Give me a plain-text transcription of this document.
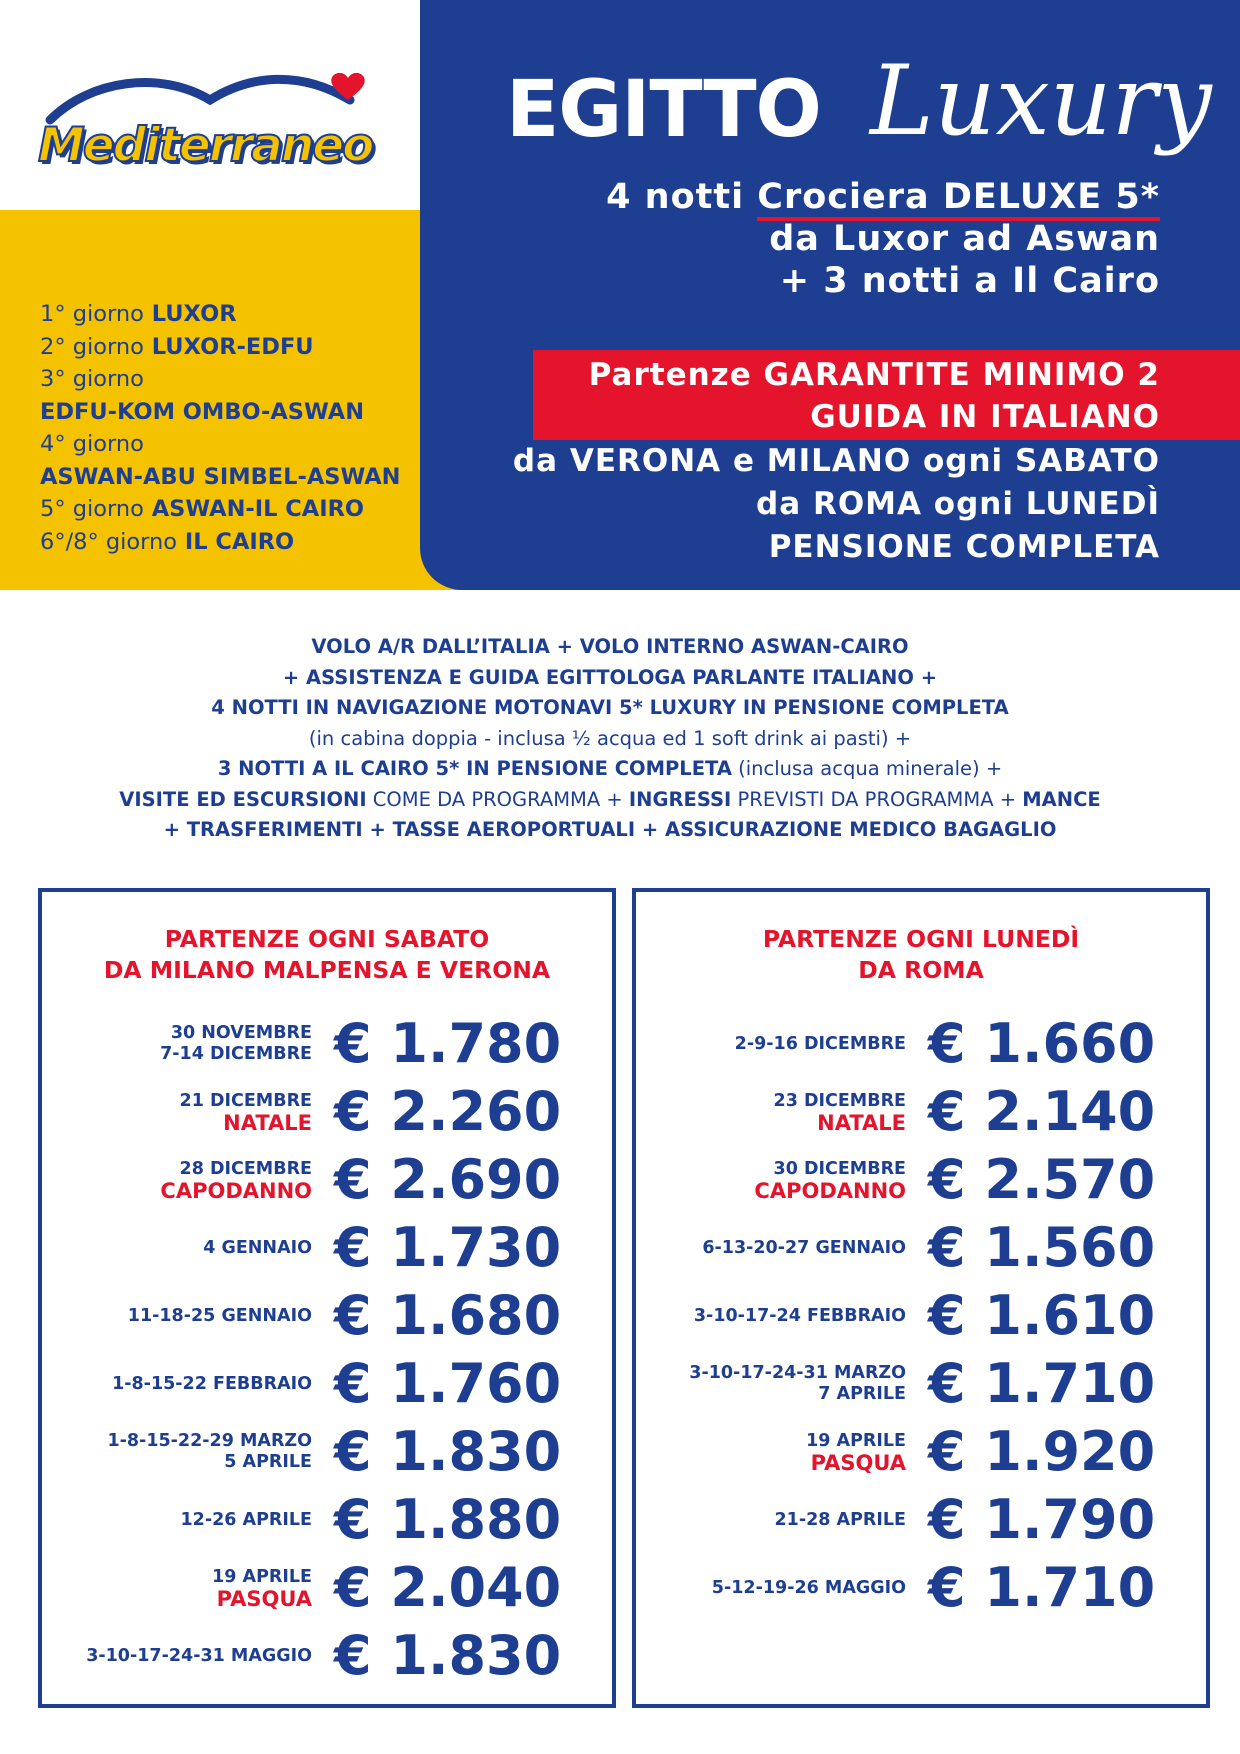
Mediterraneo
1° giorno LUXOR
2° giorno LUXOR-EDFU
3° giorno
EDFU-KOM OMBO-ASWAN
4° giorno
ASWAN-ABU SIMBEL-ASWAN
5° giorno ASWAN-IL CAIRO
6°/8° giorno IL CAIRO
EGITTO Luxury
4 notti Crociera DELUXE 5*
da Luxor ad Aswan
+ 3 notti a Il Cairo
Partenze GARANTITE MINIMO 2
GUIDA IN ITALIANO
da VERONA e MILANO ogni SABATO
da ROMA ogni LUNEDÌ
PENSIONE COMPLETA
VOLO A/R DALL’ITALIA + VOLO INTERNO ASWAN-CAIRO
+ ASSISTENZA E GUIDA EGITTOLOGA PARLANTE ITALIANO +
4 NOTTI IN NAVIGAZIONE MOTONAVI 5* LUXURY IN PENSIONE COMPLETA
(in cabina doppia - inclusa ½ acqua ed 1 soft drink ai pasti) +
3 NOTTI A IL CAIRO 5* IN PENSIONE COMPLETA (inclusa acqua minerale) +
VISITE ED ESCURSIONI COME DA PROGRAMMA + INGRESSI PREVISTI DA PROGRAMMA + MANCE
+ TRASFERIMENTI + TASSE AEROPORTUALI + ASSICURAZIONE MEDICO BAGAGLIO
PARTENZE OGNI SABATO
DA MILANO MALPENSA E VERONA
30 NOVEMBRE
7-14 DICEMBRE € 1.780
21 DICEMBRE
NATALE € 2.260
28 DICEMBRE
CAPODANNO € 2.690
4 GENNAIO € 1.730
11-18-25 GENNAIO € 1.680
1-8-15-22 FEBBRAIO € 1.760
1-8-15-22-29 MARZO
5 APRILE € 1.830
12-26 APRILE € 1.880
19 APRILE
PASQUA € 2.040
3-10-17-24-31 MAGGIO € 1.830
PARTENZE OGNI LUNEDÌ
DA ROMA
2-9-16 DICEMBRE € 1.660
23 DICEMBRE
NATALE € 2.140
30 DICEMBRE
CAPODANNO € 2.570
6-13-20-27 GENNAIO € 1.560
3-10-17-24 FEBBRAIO € 1.610
3-10-17-24-31 MARZO
7 APRILE € 1.710
19 APRILE
PASQUA € 1.920
21-28 APRILE € 1.790
5-12-19-26 MAGGIO € 1.710
